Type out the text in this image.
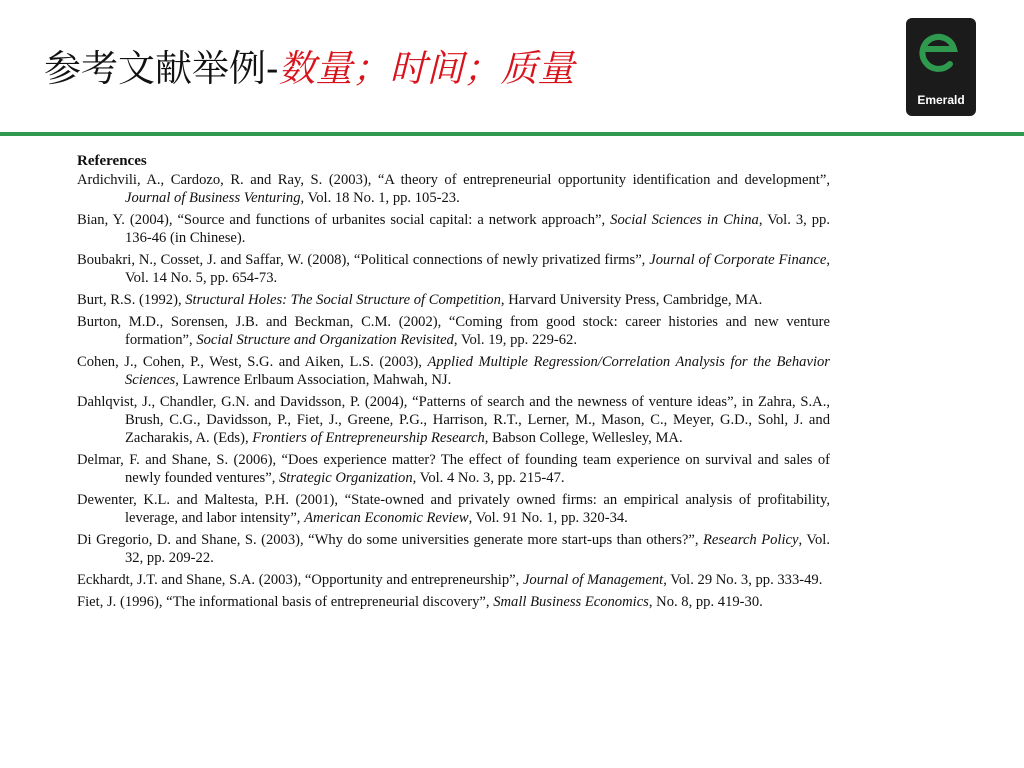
参考文献举例-数量；时间；质量
Emerald
References
Ardichvili, A., Cardozo, R. and Ray, S. (2003), “A theory of entrepreneurial opportunity identification and development”, Journal of Business Venturing, Vol. 18 No. 1, pp. 105-23.
Bian, Y. (2004), “Source and functions of urbanites social capital: a network approach”, Social Sciences in China, Vol. 3, pp. 136-46 (in Chinese).
Boubakri, N., Cosset, J. and Saffar, W. (2008), “Political connections of newly privatized firms”, Journal of Corporate Finance, Vol. 14 No. 5, pp. 654-73.
Burt, R.S. (1992), Structural Holes: The Social Structure of Competition, Harvard University Press, Cambridge, MA.
Burton, M.D., Sorensen, J.B. and Beckman, C.M. (2002), “Coming from good stock: career histories and new venture formation”, Social Structure and Organization Revisited, Vol. 19, pp. 229-62.
Cohen, J., Cohen, P., West, S.G. and Aiken, L.S. (2003), Applied Multiple Regression/Correlation Analysis for the Behavior Sciences, Lawrence Erlbaum Association, Mahwah, NJ.
Dahlqvist, J., Chandler, G.N. and Davidsson, P. (2004), “Patterns of search and the newness of venture ideas”, in Zahra, S.A., Brush, C.G., Davidsson, P., Fiet, J., Greene, P.G., Harrison, R.T., Lerner, M., Mason, C., Meyer, G.D., Sohl, J. and Zacharakis, A. (Eds), Frontiers of Entrepreneurship Research, Babson College, Wellesley, MA.
Delmar, F. and Shane, S. (2006), “Does experience matter? The effect of founding team experience on survival and sales of newly founded ventures”, Strategic Organization, Vol. 4 No. 3, pp. 215-47.
Dewenter, K.L. and Maltesta, P.H. (2001), “State-owned and privately owned firms: an empirical analysis of profitability, leverage, and labor intensity”, American Economic Review, Vol. 91 No. 1, pp. 320-34.
Di Gregorio, D. and Shane, S. (2003), “Why do some universities generate more start-ups than others?”, Research Policy, Vol. 32, pp. 209-22.
Eckhardt, J.T. and Shane, S.A. (2003), “Opportunity and entrepreneurship”, Journal of Management, Vol. 29 No. 3, pp. 333-49.
Fiet, J. (1996), “The informational basis of entrepreneurial discovery”, Small Business Economics, No. 8, pp. 419-30.
